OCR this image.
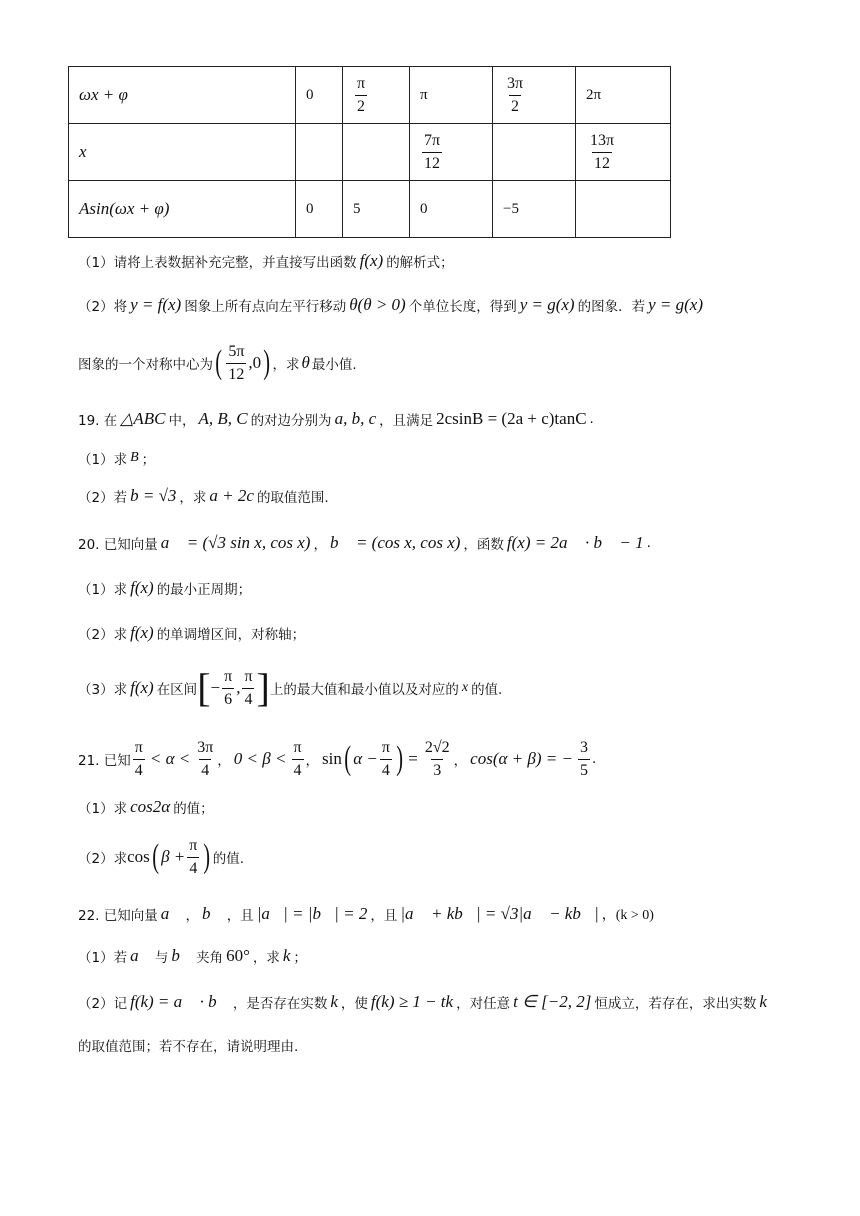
ωx + φ	0	$\frac{\pi}{2}$	π	$\frac{3\pi}{2}$	2π
x			$\frac{7\pi}{12}$		$\frac{13\pi}{12}$

Asin(ωx + φ)	0	5	0	−5	
（1）请将上表数据补充完整，并直接写出函数 f(x) 的解析式；
（2）将 y = f(x) 图象上所有点向左平行移动 θ(θ > 0) 个单位长度，得到 y = g(x) 的图象．若 y = g(x)
图象的一个对称中心为 ( $\frac{5\pi}{12} ,0$ ) ，求 θ 最小值.
19. 在 △ABC 中， A, B, C 的对边分别为 a, b, c ，且满足 2csinB = (2a + c)tanC .
（1）求 B ；
（2）若 b = √3 ，求 a + 2c 的取值范围.
20. 已知向量 a⃗ = (√3 sin x, cos x) ， b⃗ = (cos x, cos x) ，函数 f(x) = 2a⃗ · b⃗ − 1 .
（1）求 f(x) 的最小正周期；
（2）求 f(x) 的单调增区间，对称轴；
（3）求 f(x) 在区间 [ − $\frac{\pi}{6}$ , $\frac{\pi}{4}$ ] 上的最大值和最小值以及对应的 x 的值.
21. 已知 $\frac{\pi}{4} < \alpha < \frac{3\pi}{4}$ ， $0 < \beta < \frac{\pi}{4}$ ， sin ( $\alpha - \frac{\pi}{4}$ ) = $\frac{2√2}{3}$ ， cos(α + β) = − $\frac{3}{5}$ .
（1）求 cos2α 的值；
（2）求 cos ( $\beta + \frac{\pi}{4}$ ) 的值.
22. 已知向量 a⃗ ， b⃗ ，且 |a⃗| = |b⃗| = 2 ，且 |a⃗ + kb⃗| = √3|a⃗ − kb⃗| ，(k > 0)
（1）若 a⃗ 与 b⃗ 夹角 60° ，求 k ；
（2）记 f(k) = a⃗ · b⃗ ，是否存在实数 k ，使 f(k) ≥ 1 − tk ，对任意 t ∈ [−2, 2] 恒成立，若存在，求出实数 k
的取值范围；若不存在，请说明理由.
